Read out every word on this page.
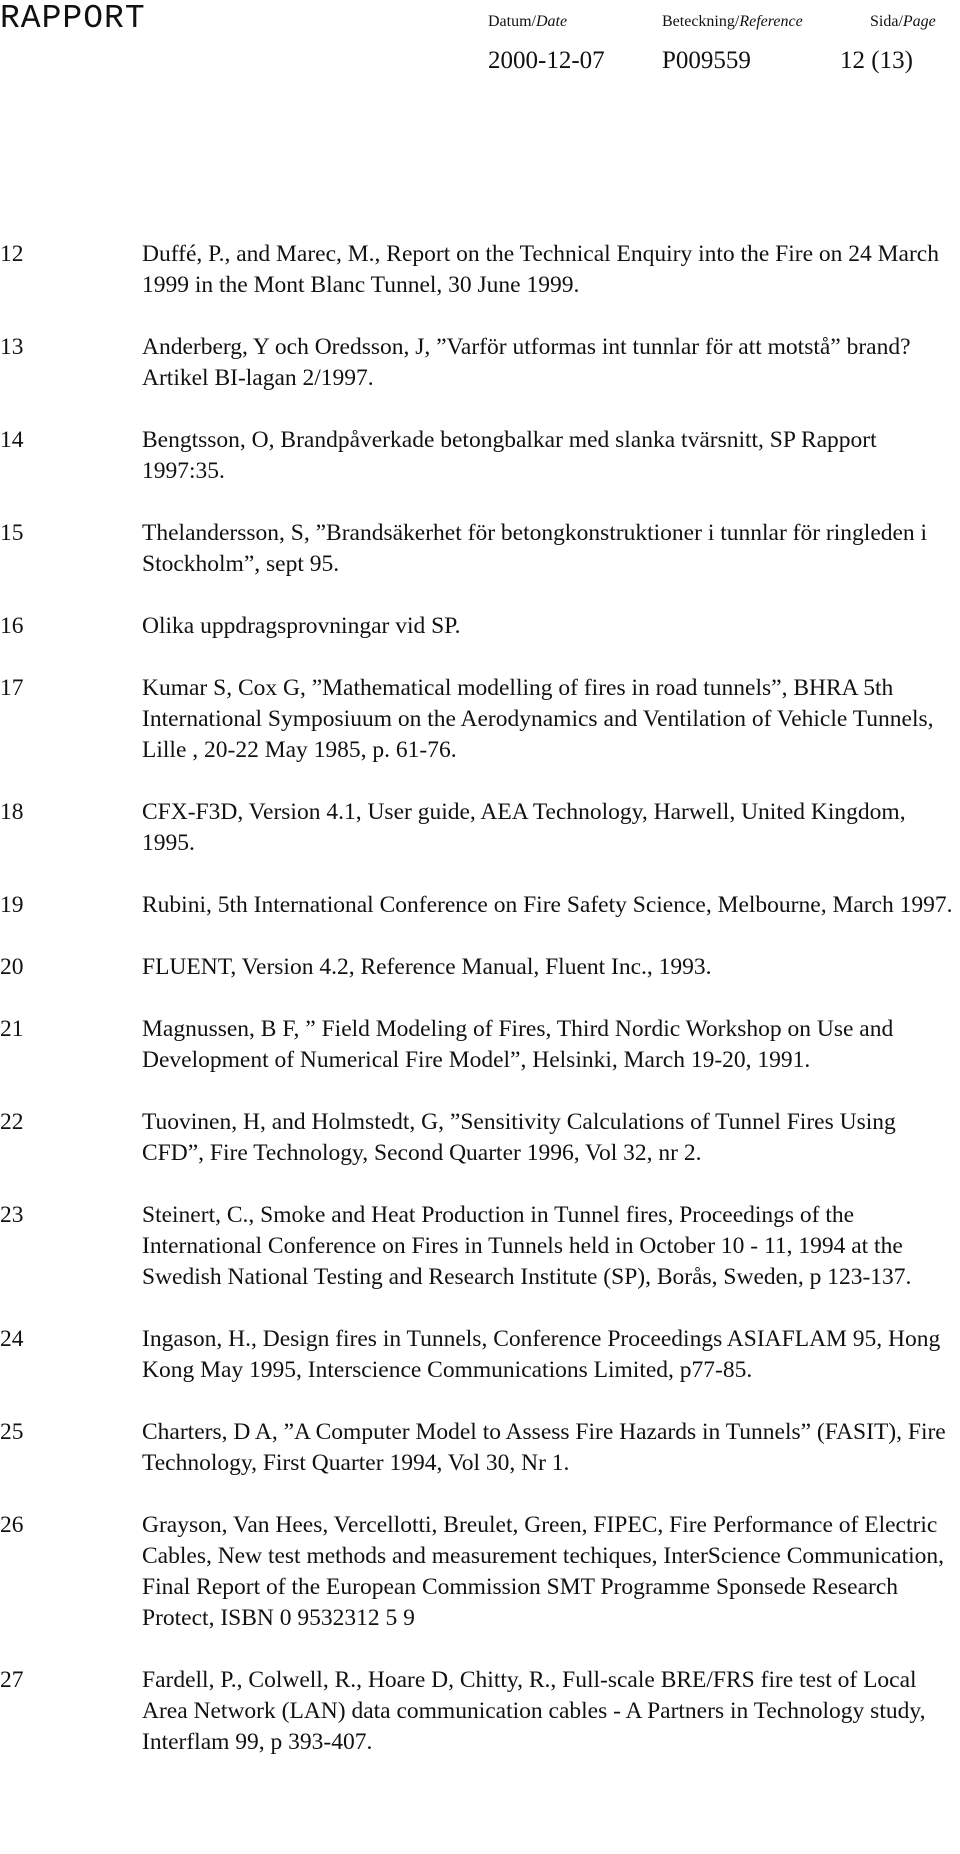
RAPPORT	Datum/Date
2000-12-07
Beteckning/Reference
P009559
Sida/Page
12 (13)
12	Duffé, P., and Marec, M., Report on the Technical Enquiry into the Fire on 24 March 1999 in the Mont Blanc Tunnel, 30 June 1999.
13	Anderberg, Y och Oredsson, J, ”Varför utformas int tunnlar för att motstå” brand? Artikel BI-lagan 2/1997.
14	Bengtsson, O, Brandpåverkade betongbalkar med slanka tvärsnitt, SP Rapport 1997:35.
15	Thelandersson, S, ”Brandsäkerhet för betongkonstruktioner i tunnlar för ringleden i Stockholm”, sept 95.
16	Olika uppdragsprovningar vid SP.
17	Kumar S, Cox G, ”Mathematical modelling of fires in road tunnels”, BHRA 5th International Symposiuum on the Aerodynamics and Ventilation of Vehicle Tunnels, Lille , 20-22 May 1985, p. 61-76.
18	CFX-F3D, Version 4.1, User guide, AEA Technology, Harwell, United Kingdom, 1995.
19	Rubini, 5th International Conference on Fire Safety Science, Melbourne, March 1997.
20	FLUENT, Version 4.2, Reference Manual, Fluent Inc., 1993.
21	Magnussen, B F, ” Field Modeling of Fires, Third Nordic Workshop on Use and Development of Numerical Fire Model”, Helsinki, March 19-20, 1991.
22	Tuovinen, H, and Holmstedt, G, ”Sensitivity Calculations of Tunnel Fires Using CFD”, Fire Technology, Second Quarter 1996, Vol 32, nr 2.
23	Steinert, C., Smoke and Heat Production in Tunnel fires, Proceedings of the International Conference on Fires in Tunnels held in October 10 - 11, 1994 at the Swedish National Testing and Research Institute (SP), Borås, Sweden, p 123-137.
24	Ingason, H., Design fires in Tunnels, Conference Proceedings ASIAFLAM 95, Hong Kong May 1995, Interscience Communications Limited, p77-85.
25	Charters, D A, ”A Computer Model to Assess Fire Hazards in Tunnels” (FASIT), Fire Technology, First Quarter 1994, Vol 30, Nr 1.
26	Grayson, Van Hees, Vercellotti, Breulet, Green, FIPEC, Fire Performance of Electric Cables, New test methods and measurement techiques, InterScience Communication, Final Report of the European Commission SMT Programme Sponsede Research Protect, ISBN 0 9532312 5 9
27	Fardell, P., Colwell, R., Hoare D, Chitty, R., Full-scale BRE/FRS fire test of Local Area Network (LAN) data communication cables - A Partners in Technology study, Interflam 99, p 393-407.
